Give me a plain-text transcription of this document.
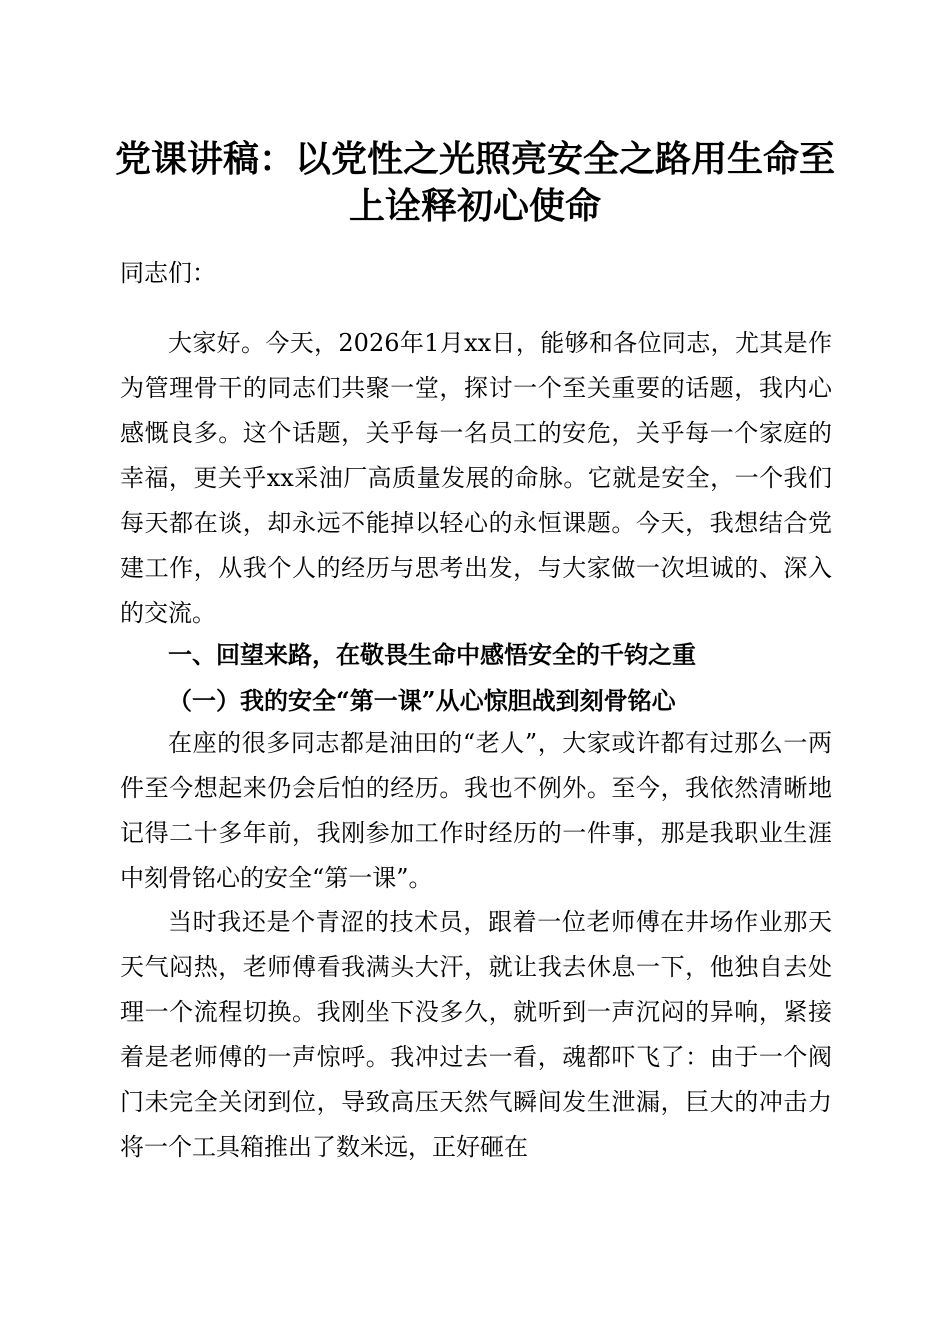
党课讲稿：以党性之光照亮安全之路用生命至
上诠释初心使命

同志们：

大家好。今天，2026年1月xx日，能够和各位同志，尤其是作为管理骨干的同志们共聚一堂，探讨一个至关重要的话题，我内心感慨良多。这个话题，关乎每一名员工的安危，关乎每一个家庭的幸福，更关乎xx采油厂高质量发展的命脉。它就是安全，一个我们每天都在谈，却永远不能掉以轻心的永恒课题。今天，我想结合党建工作，从我个人的经历与思考出发，与大家做一次坦诚的、深入的交流。

一、回望来路，在敬畏生命中感悟安全的千钧之重
（一）我的安全“第一课”从心惊胆战到刻骨铭心

在座的很多同志都是油田的“老人”，大家或许都有过那么一两件至今想起来仍会后怕的经历。我也不例外。至今，我依然清晰地记得二十多年前，我刚参加工作时经历的一件事，那是我职业生涯中刻骨铭心的安全“第一课”。

当时我还是个青涩的技术员，跟着一位老师傅在井场作业那天天气闷热，老师傅看我满头大汗，就让我去休息一下，他独自去处理一个流程切换。我刚坐下没多久，就听到一声沉闷的异响，紧接着是老师傅的一声惊呼。我冲过去一看，魂都吓飞了：由于一个阀门未完全关闭到位，导致高压天然气瞬间发生泄漏，巨大的冲击力将一个工具箱推出了数米远，正好砸在
